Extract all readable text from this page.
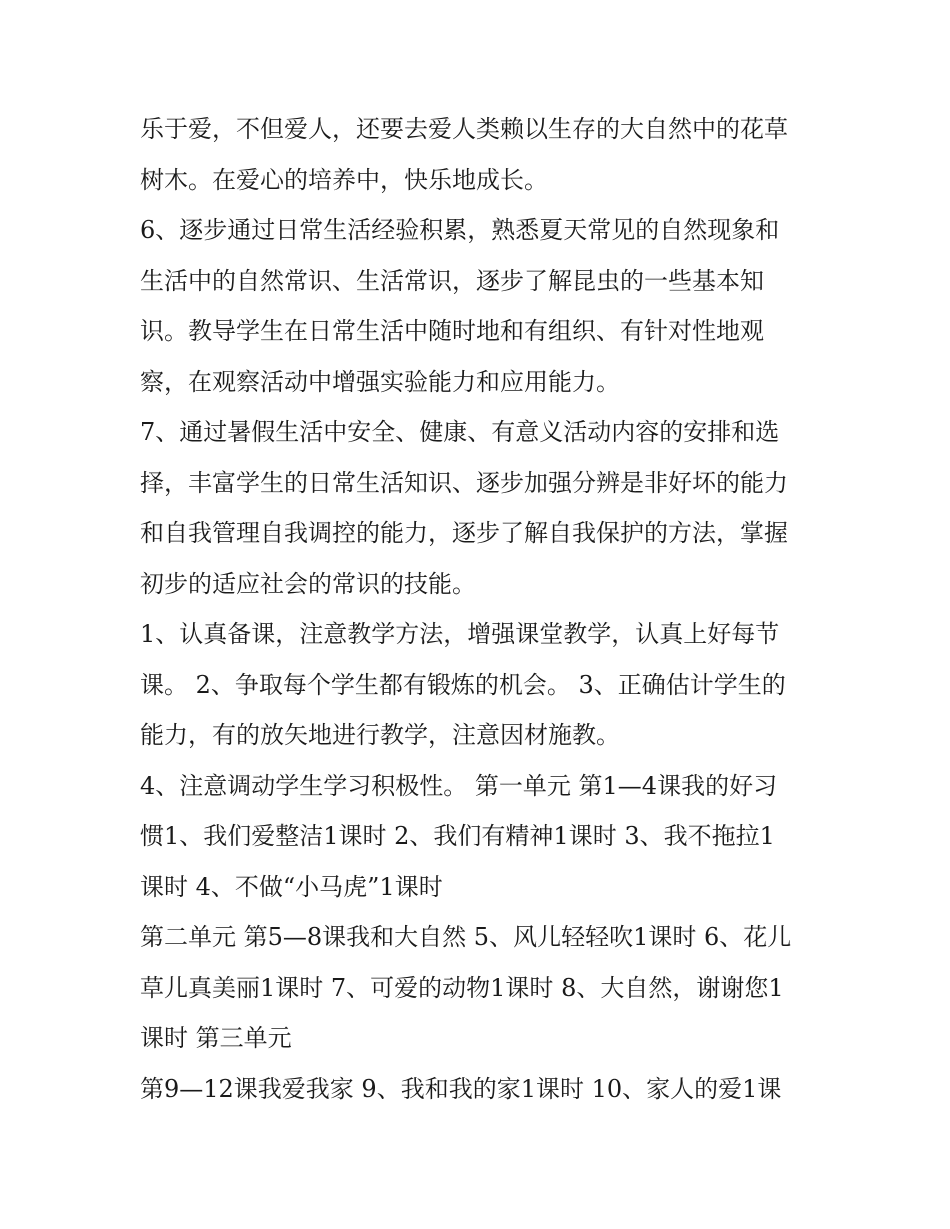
乐于爱，不但爱人，还要去爱人类赖以生存的大自然中的花草
树木。在爱心的培养中，快乐地成长。

6、逐步通过日常生活经验积累，熟悉夏天常见的自然现象和
生活中的自然常识、生活常识，逐步了解昆虫的一些基本知
识。教导学生在日常生活中随时地和有组织、有针对性地观
察，在观察活动中增强实验能力和应用能力。

7、通过暑假生活中安全、健康、有意义活动内容的安排和选
择，丰富学生的日常生活知识、逐步加强分辨是非好坏的能力
和自我管理自我调控的能力，逐步了解自我保护的方法，掌握
初步的适应社会的常识的技能。

1、认真备课，注意教学方法，增强课堂教学，认真上好每节
课。 2、争取每个学生都有锻炼的机会。 3、正确估计学生的
能力，有的放矢地进行教学，注意因材施教。

4、注意调动学生学习积极性。 第一单元 第1—4课我的好习
惯1、我们爱整洁1课时 2、我们有精神1课时 3、我不拖拉1
课时 4、不做“小马虎”1课时

第二单元 第5—8课我和大自然 5、风儿轻轻吹1课时 6、花儿
草儿真美丽1课时 7、可爱的动物1课时 8、大自然，谢谢您1
课时 第三单元

第9—12课我爱我家 9、我和我的家1课时 10、家人的爱1课
